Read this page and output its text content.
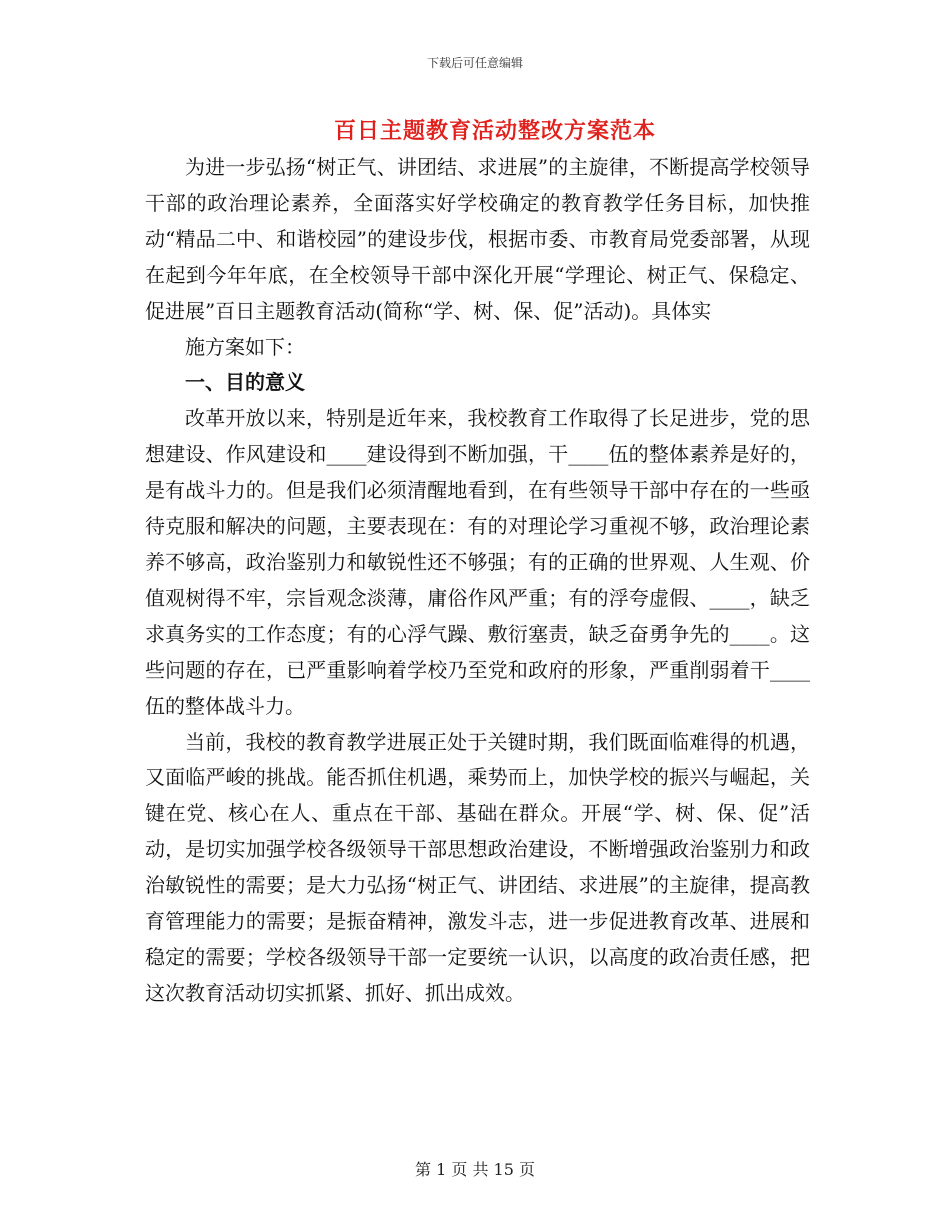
下载后可任意编辑
百日主题教育活动整改方案范本

为进一步弘扬“树正气、讲团结、求进展”的主旋律，不断提高学校领导干部的政治理论素养，全面落实好学校确定的教育教学任务目标，加快推动“精品二中、和谐校园”的建设步伐，根据市委、市教育局党委部署，从现在起到今年年底，在全校领导干部中深化开展“学理论、树正气、保稳定、促进展”百日主题教育活动(简称“学、树、保、促”活动)。具体实

施方案如下：

一、目的意义

改革开放以来，特别是近年来，我校教育工作取得了长足进步，党的思想建设、作风建设和____建设得到不断加强，干____伍的整体素养是好的，是有战斗力的。但是我们必须清醒地看到，在有些领导干部中存在的一些亟待克服和解决的问题，主要表现在：有的对理论学习重视不够，政治理论素养不够高，政治鉴别力和敏锐性还不够强；有的正确的世界观、人生观、价值观树得不牢，宗旨观念淡薄，庸俗作风严重；有的浮夸虚假、____，缺乏求真务实的工作态度；有的心浮气躁、敷衍塞责，缺乏奋勇争先的____。这些问题的存在，已严重影响着学校乃至党和政府的形象，严重削弱着干____伍的整体战斗力。

当前，我校的教育教学进展正处于关键时期，我们既面临难得的机遇，又面临严峻的挑战。能否抓住机遇，乘势而上，加快学校的振兴与崛起，关键在党、核心在人、重点在干部、基础在群众。开展“学、树、保、促”活动，是切实加强学校各级领导干部思想政治建设，不断增强政治鉴别力和政治敏锐性的需要；是大力弘扬“树正气、讲团结、求进展”的主旋律，提高教育管理能力的需要；是振奋精神，激发斗志，进一步促进教育改革、进展和稳定的需要；学校各级领导干部一定要统一认识，以高度的政冶责任感，把这次教育活动切实抓紧、抓好、抓出成效。

第 1 页 共 15 页
